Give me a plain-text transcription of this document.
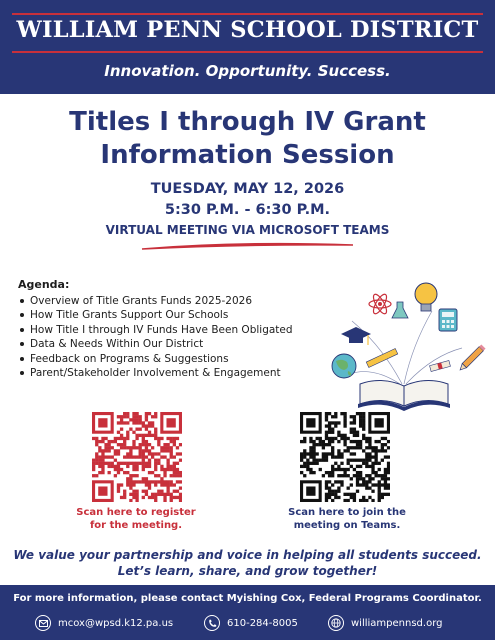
WILLIAM PENN SCHOOL DISTRICT
Innovation. Opportunity. Success.
Titles I through IV Grant
Information Session
TUESDAY, MAY 12, 2026
5:30 P.M. - 6:30 P.M.
VIRTUAL MEETING VIA MICROSOFT TEAMS
Agenda:
Overview of Title Grants Funds 2025-2026
How Title Grants Support Our Schools
How Title I through IV Funds Have Been Obligated
Data & Needs Within Our District
Feedback on Programs & Suggestions
Parent/Stakeholder Involvement & Engagement
Scan here to register
for the meeting.
Scan here to join the
meeting on Teams.
We value your partnership and voice in helping all students succeed.
Let’s learn, share, and grow together!
For more information, please contact Myishing Cox, Federal Programs Coordinator.
mcox@wpsd.k12.pa.us	610-284-8005	williampennsd.org
